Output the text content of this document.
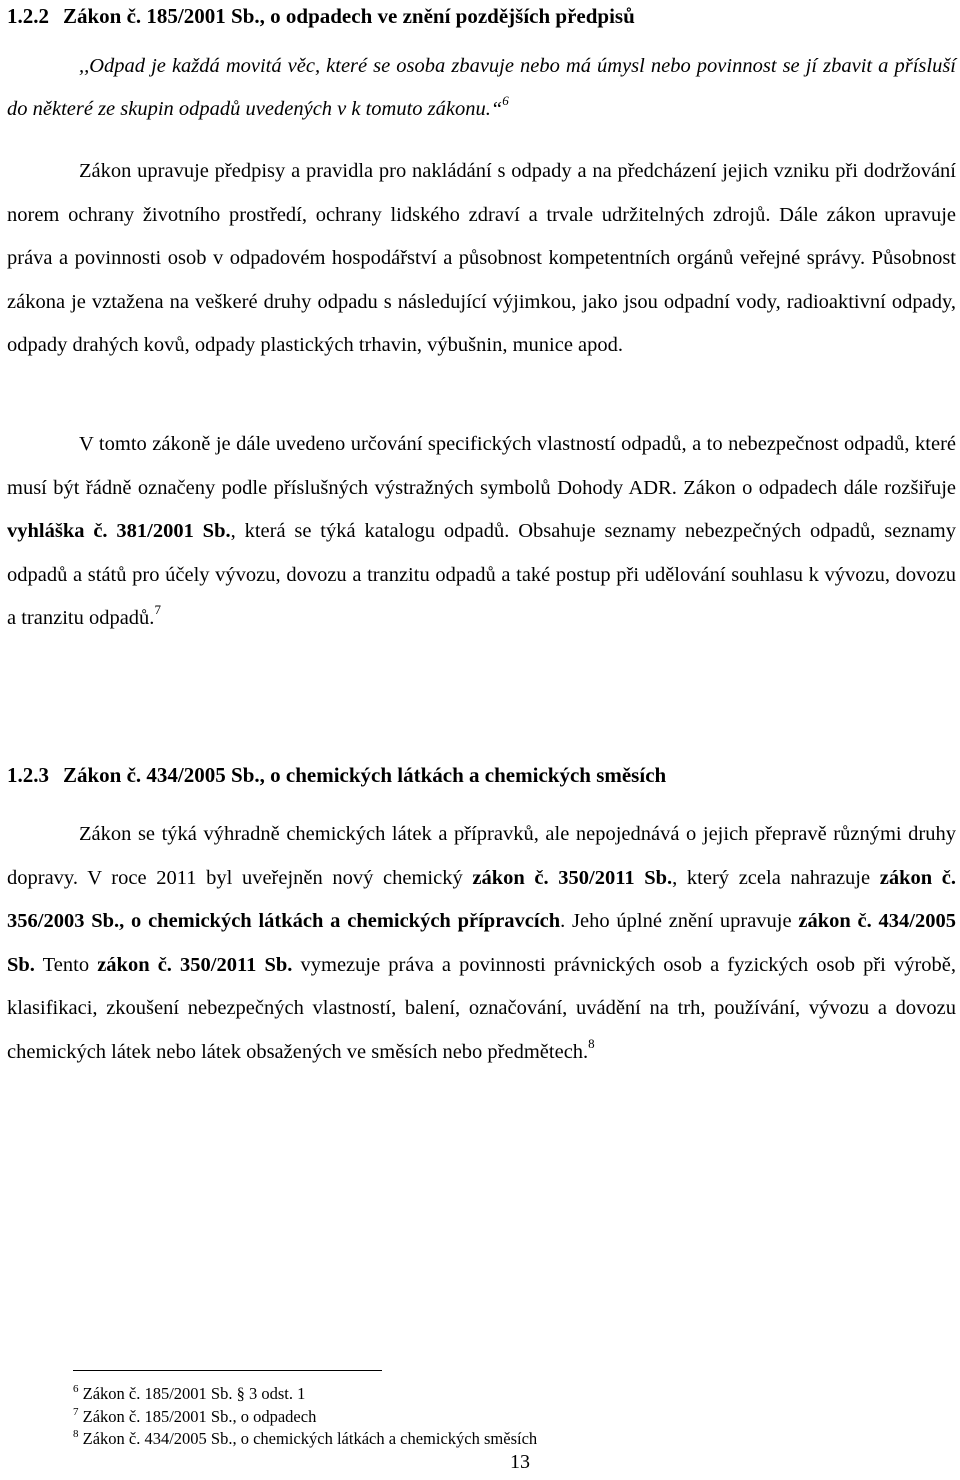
1.2.2 Zákon č. 185/2001 Sb., o odpadech ve znění pozdějších předpisů

,,Odpad je každá movitá věc, které se osoba zbavuje nebo má úmysl nebo povinnost se jí zbavit a přísluší do některé ze skupin odpadů uvedených v k tomuto zákonu.“$^6$

Zákon upravuje předpisy a pravidla pro nakládání s odpady a na předcházení jejich vzniku při dodržování norem ochrany životního prostředí, ochrany lidského zdraví a trvale udržitelných zdrojů. Dále zákon upravuje práva a povinnosti osob v odpadovém hospodářství a působnost kompetentních orgánů veřejné správy. Působnost zákona je vztažena na veškeré druhy odpadu s následující výjimkou, jako jsou odpadní vody, radioaktivní odpady, odpady drahých kovů, odpady plastických trhavin, výbušnin, munice apod.

V tomto zákoně je dále uvedeno určování specifických vlastností odpadů, a to nebezpečnost odpadů, které musí být řádně označeny podle příslušných výstražných symbolů Dohody ADR. Zákon o odpadech dále rozšiřuje vyhláška č. 381/2001 Sb., která se týká katalogu odpadů. Obsahuje seznamy nebezpečných odpadů, seznamy odpadů a států pro účely vývozu, dovozu a tranzitu odpadů a také postup při udělování souhlasu k vývozu, dovozu a tranzitu odpadů.$^7$

1.2.3 Zákon č. 434/2005 Sb., o chemických látkách a chemických směsích

Zákon se týká výhradně chemických látek a přípravků, ale nepojednává o jejich přepravě různými druhy dopravy. V roce 2011 byl uveřejněn nový chemický zákon č. 350/2011 Sb., který zcela nahrazuje zákon č. 356/2003 Sb., o chemických látkách a chemických přípravcích. Jeho úplné znění upravuje zákon č. 434/2005 Sb. Tento zákon č. 350/2011 Sb. vymezuje práva a povinnosti právnických osob a fyzických osob při výrobě, klasifikaci, zkoušení nebezpečných vlastností, balení, označování, uvádění na trh, používání, vývozu a dovozu chemických látek nebo látek obsažených ve směsích nebo předmětech.$^8$

$^6$ Zákon č. 185/2001 Sb. § 3 odst. 1
$^7$ Zákon č. 185/2001 Sb., o odpadech
$^8$ Zákon č. 434/2005 Sb., o chemických látkách a chemických směsích
13
